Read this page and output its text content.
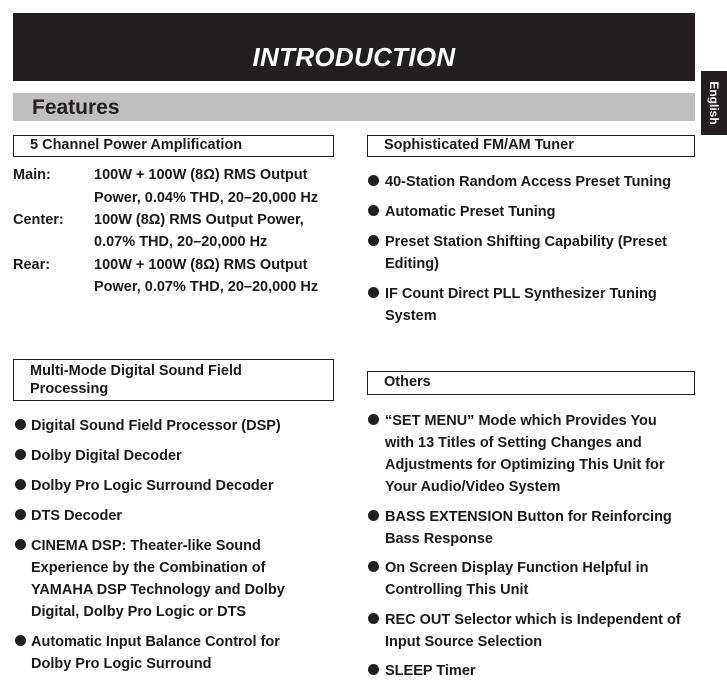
INTRODUCTION
English
Features
5 Channel Power Amplification
Main:	100W + 100W (8Ω) RMS Output
Power, 0.04% THD, 20–20,000 Hz
Center: 100W (8Ω) RMS Output Power,
0.07% THD, 20–20,000 Hz
Rear:	100W + 100W (8Ω) RMS Output
Power, 0.07% THD, 20–20,000 Hz
Multi-Mode Digital Sound Field
Processing
Digital Sound Field Processor (DSP)
Dolby Digital Decoder
Dolby Pro Logic Surround Decoder
DTS Decoder
CINEMA DSP: Theater-like Sound
Experience by the Combination of
YAMAHA DSP Technology and Dolby
Digital, Dolby Pro Logic or DTS
Automatic Input Balance Control for
Dolby Pro Logic Surround
Sophisticated FM/AM Tuner
40-Station Random Access Preset Tuning
Automatic Preset Tuning
Preset Station Shifting Capability (Preset
Editing)
IF Count Direct PLL Synthesizer Tuning
System
Others
“SET MENU” Mode which Provides You
with 13 Titles of Setting Changes and
Adjustments for Optimizing This Unit for
Your Audio/Video System
BASS EXTENSION Button for Reinforcing
Bass Response
On Screen Display Function Helpful in
Controlling This Unit
REC OUT Selector which is Independent of
Input Source Selection
SLEEP Timer
